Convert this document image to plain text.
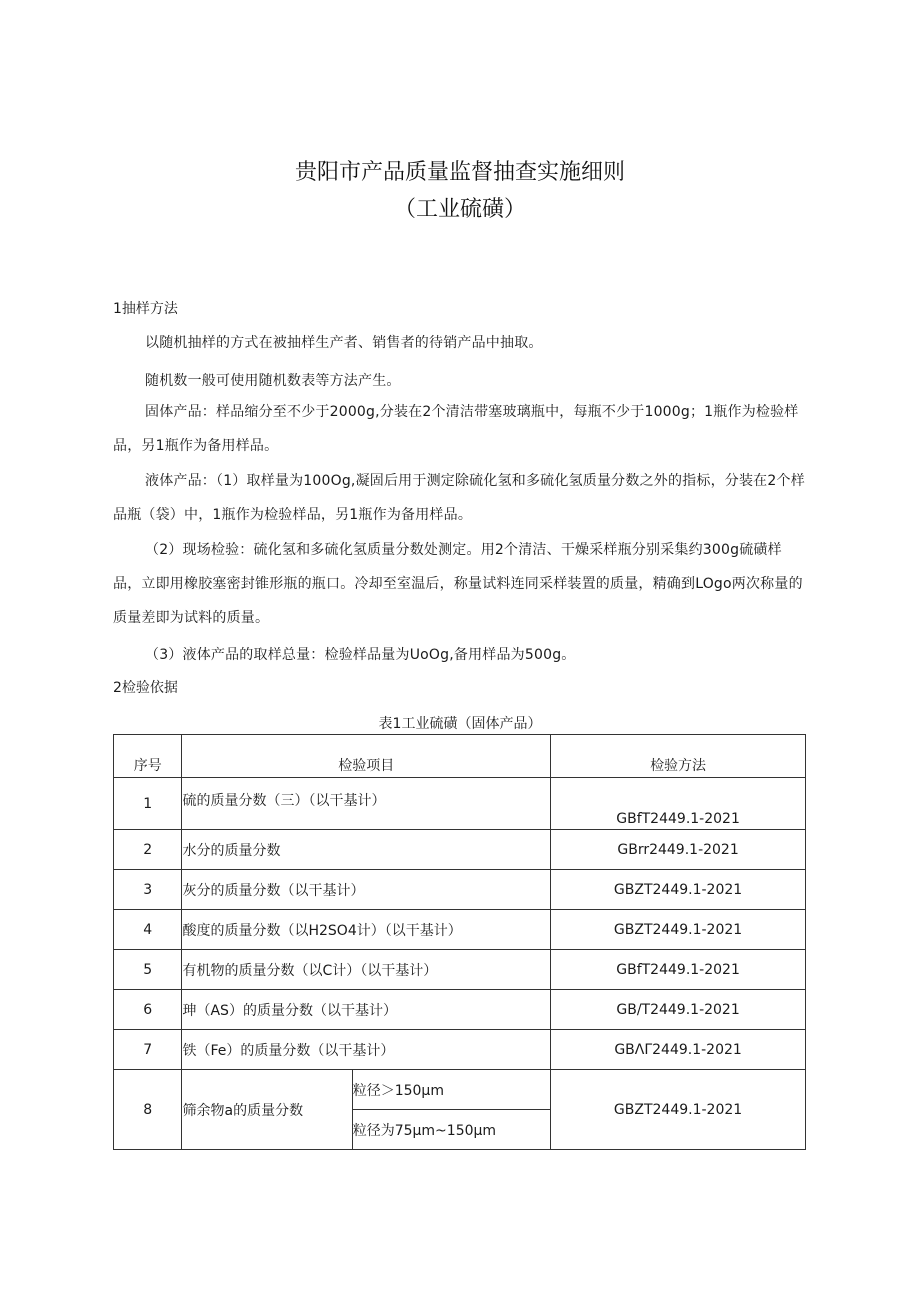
贵阳市产品质量监督抽查实施细则
（工业硫磺）
1抽样方法
以随机抽样的方式在被抽样生产者、销售者的待销产品中抽取。
随机数一般可使用随机数表等方法产生。
固体产品：样品缩分至不少于2000g,分装在2个清洁带塞玻璃瓶中，每瓶不少于1000g；1瓶作为检验样品，另1瓶作为备用样品。
液体产品：（1）取样量为100Og,凝固后用于测定除硫化氢和多硫化氢质量分数之外的指标，分装在2个样品瓶（袋）中，1瓶作为检验样品，另1瓶作为备用样品。
（2）现场检验：硫化氢和多硫化氢质量分数处测定。用2个清洁、干燥采样瓶分别采集约300g硫磺样品，立即用橡胶塞密封锥形瓶的瓶口。冷却至室温后，称量试料连同采样装置的质量，精确到LOgo两次称量的质量差即为试料的质量。
（3）液体产品的取样总量：检验样品量为UoOg,备用样品为500g。
2检验依据
表1工业硫磺（固体产品）
序号	检验项目		检验方法
1	硫的质量分数（三）（以干基计）		GBfT2449.1-2021
2	水分的质量分数		GBrr2449.1-2021
3	灰分的质量分数（以干基计）		GBZT2449.1-2021
4	酸度的质量分数（以H2SO4计）（以干基计）		GBZT2449.1-2021
5	有机物的质量分数（以C计）（以干基计）		GBfT2449.1-2021
6	珅（AS）的质量分数（以干基计）		GB/T2449.1-2021
7	铁（Fe）的质量分数（以干基计）		GBΛΓ2449.1-2021
8	筛余物a的质量分数	粒径＞150μm	GBZT2449.1-2021
		粒径为75μm~150μm	
